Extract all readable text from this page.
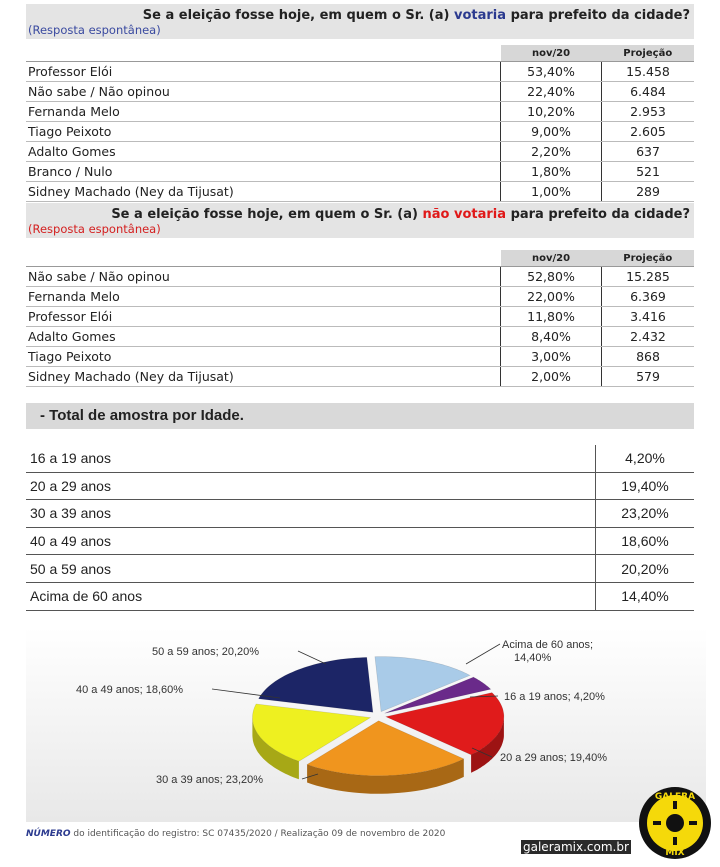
Se a eleição fosse hoje, em quem o Sr. (a) votaria para prefeito da cidade?
(Resposta espontânea)
	nov/20	Projeção
Professor Elói	53,40%	15.458
Não sabe / Não opinou	22,40%	6.484
Fernanda Melo	10,20%	2.953
Tiago Peixoto	9,00%	2.605
Adalto Gomes	2,20%	637
Branco / Nulo	1,80%	521
Sidney Machado (Ney da Tijusat)	1,00%	289
Se a eleição fosse hoje, em quem o Sr. (a) não votaria para prefeito da cidade?
(Resposta espontânea)
	nov/20	Projeção
Não sabe / Não opinou	52,80%	15.285
Fernanda Melo	22,00%	6.369
Professor Elói	11,80%	3.416
Adalto Gomes	8,40%	2.432
Tiago Peixoto	3,00%	868
Sidney Machado (Ney da Tijusat)	2,00%	579
- Total de amostra por Idade.
16 a 19 anos	4,20%
20 a 29 anos	19,40%
30 a 39 anos	23,20%
40 a 49 anos	18,60%
50 a 59 anos	20,20%
Acima de 60 anos	14,40%
Acima de 60 anos; 14,40%
16 a 19 anos; 4,20%
20 a 29 anos; 19,40%
30 a 39 anos; 23,20%
40 a 49 anos; 18,60%
50 a 59 anos; 20,20%
NÚMERO do identificação do registro: SC 07435/2020 / Realização 09 de novembro de 2020
galeramix.com.br
GALERA
MIX
